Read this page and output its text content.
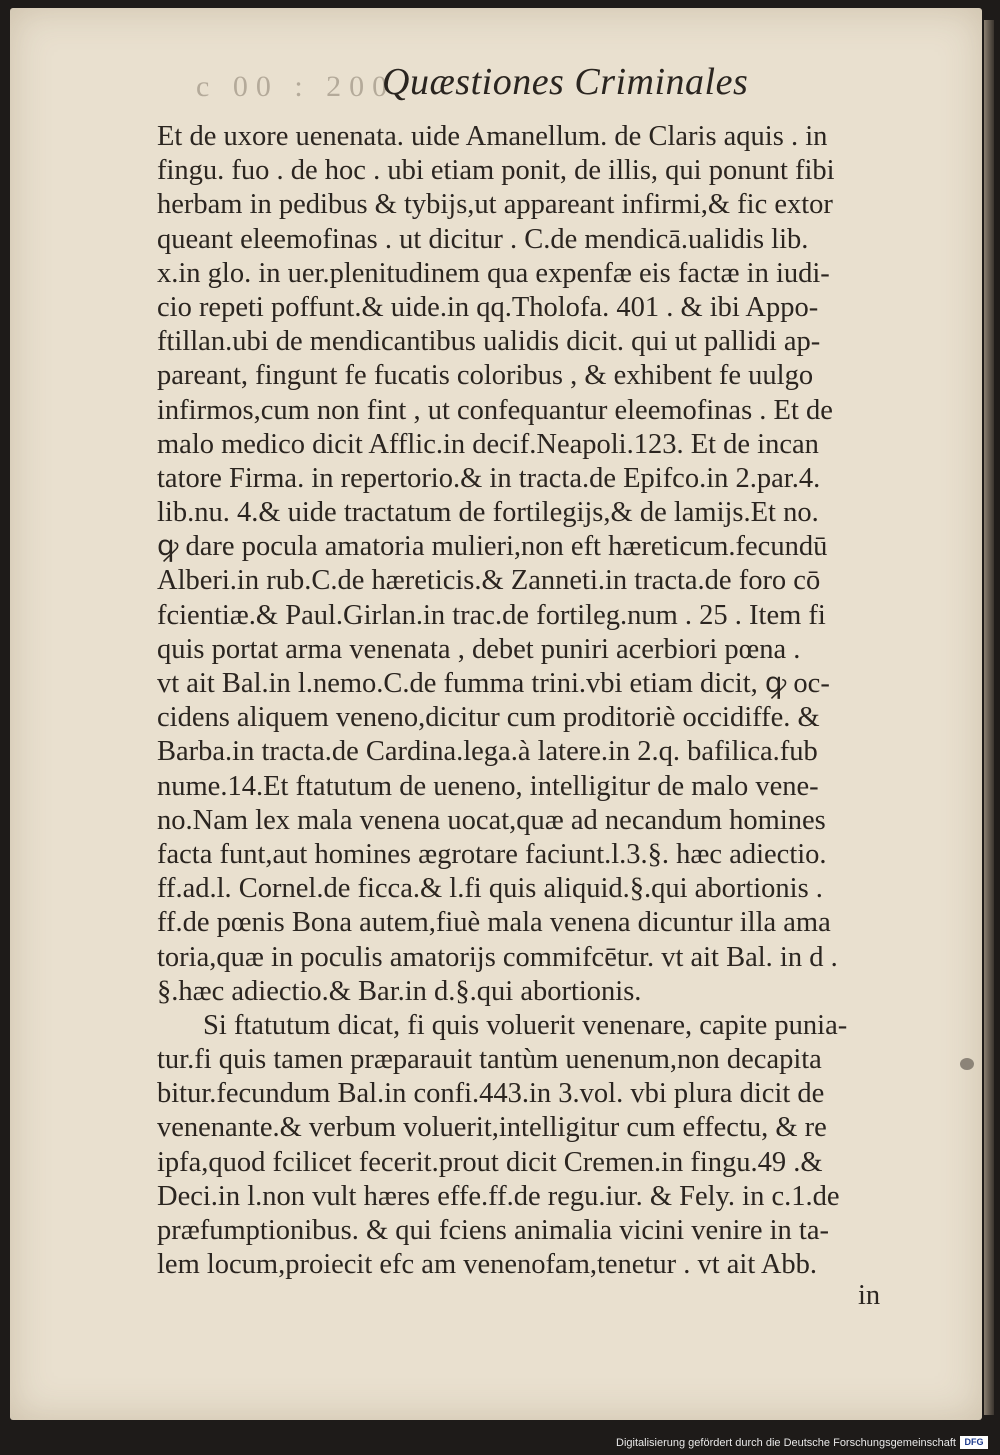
c 00 : 200
Quæstiones Criminales
Et de uxore uenenata. uide Amanellum. de Claris aquis . in
fingu. fuo . de hoc . ubi etiam ponit, de illis, qui ponunt fibi
herbam in pedibus & tybijs,ut appareant infirmi,& fic extor
queant eleemofinas . ut dicitur . C.de mendicā.ualidis lib.
x.in glo. in uer.plenitudinem qua expenfæ eis factæ in iudi-
cio repeti poffunt.& uide.in qq.Tholofa. 401 . & ibi Appo-
ftillan.ubi de mendicantibus ualidis dicit. qui ut pallidi ap-
pareant, fingunt fe fucatis coloribus , & exhibent fe uulgo
infirmos,cum non fint , ut confequantur eleemofinas . Et de
malo medico dicit Afflic.in decif.Neapoli.123. Et de incan
tatore Firma. in repertorio.& in tracta.de Epifco.in 2.par.4.
lib.nu. 4.& uide tractatum de fortilegijs,& de lamijs.Et no.
ꝙ dare pocula amatoria mulieri,non eft hæreticum.fecundū
Alberi.in rub.C.de hæreticis.& Zanneti.in tracta.de foro cō
fcientiæ.& Paul.Girlan.in trac.de fortileg.num . 25 . Item fi
quis portat arma venenata , debet puniri acerbiori pœna .
vt ait Bal.in l.nemo.C.de fumma trini.vbi etiam dicit, ꝙ oc-
cidens aliquem veneno,dicitur cum proditoriè occidiffe. &
Barba.in tracta.de Cardina.lega.à latere.in 2.q. bafilica.fub
nume.14.Et ftatutum de ueneno, intelligitur de malo vene-
no.Nam lex mala venena uocat,quæ ad necandum homines
facta funt,aut homines ægrotare faciunt.l.3.§. hæc adiectio.
ff.ad.l. Cornel.de ficca.& l.fi quis aliquid.§.qui abortionis .
ff.de pœnis Bona autem,fiuè mala venena dicuntur illa ama
toria,quæ in poculis amatorijs commifcētur. vt ait Bal. in d .
§.hæc adiectio.& Bar.in d.§.qui abortionis.
Si ftatutum dicat, fi quis voluerit venenare, capite punia-
tur.fi quis tamen præparauit tantùm uenenum,non decapita
bitur.fecundum Bal.in confi.443.in 3.vol. vbi plura dicit de
venenante.& verbum voluerit,intelligitur cum effectu, & re
ipfa,quod fcilicet fecerit.prout dicit Cremen.in fingu.49 .&
Deci.in l.non vult hæres effe.ff.de regu.iur. & Fely. in c.1.de
præfumptionibus. & qui fciens animalia vicini venire in ta-
lem locum,proiecit efc am venenofam,tenetur . vt ait Abb.
in
Digitalisierung gefördert durch die Deutsche Forschungsgemeinschaft DFG
